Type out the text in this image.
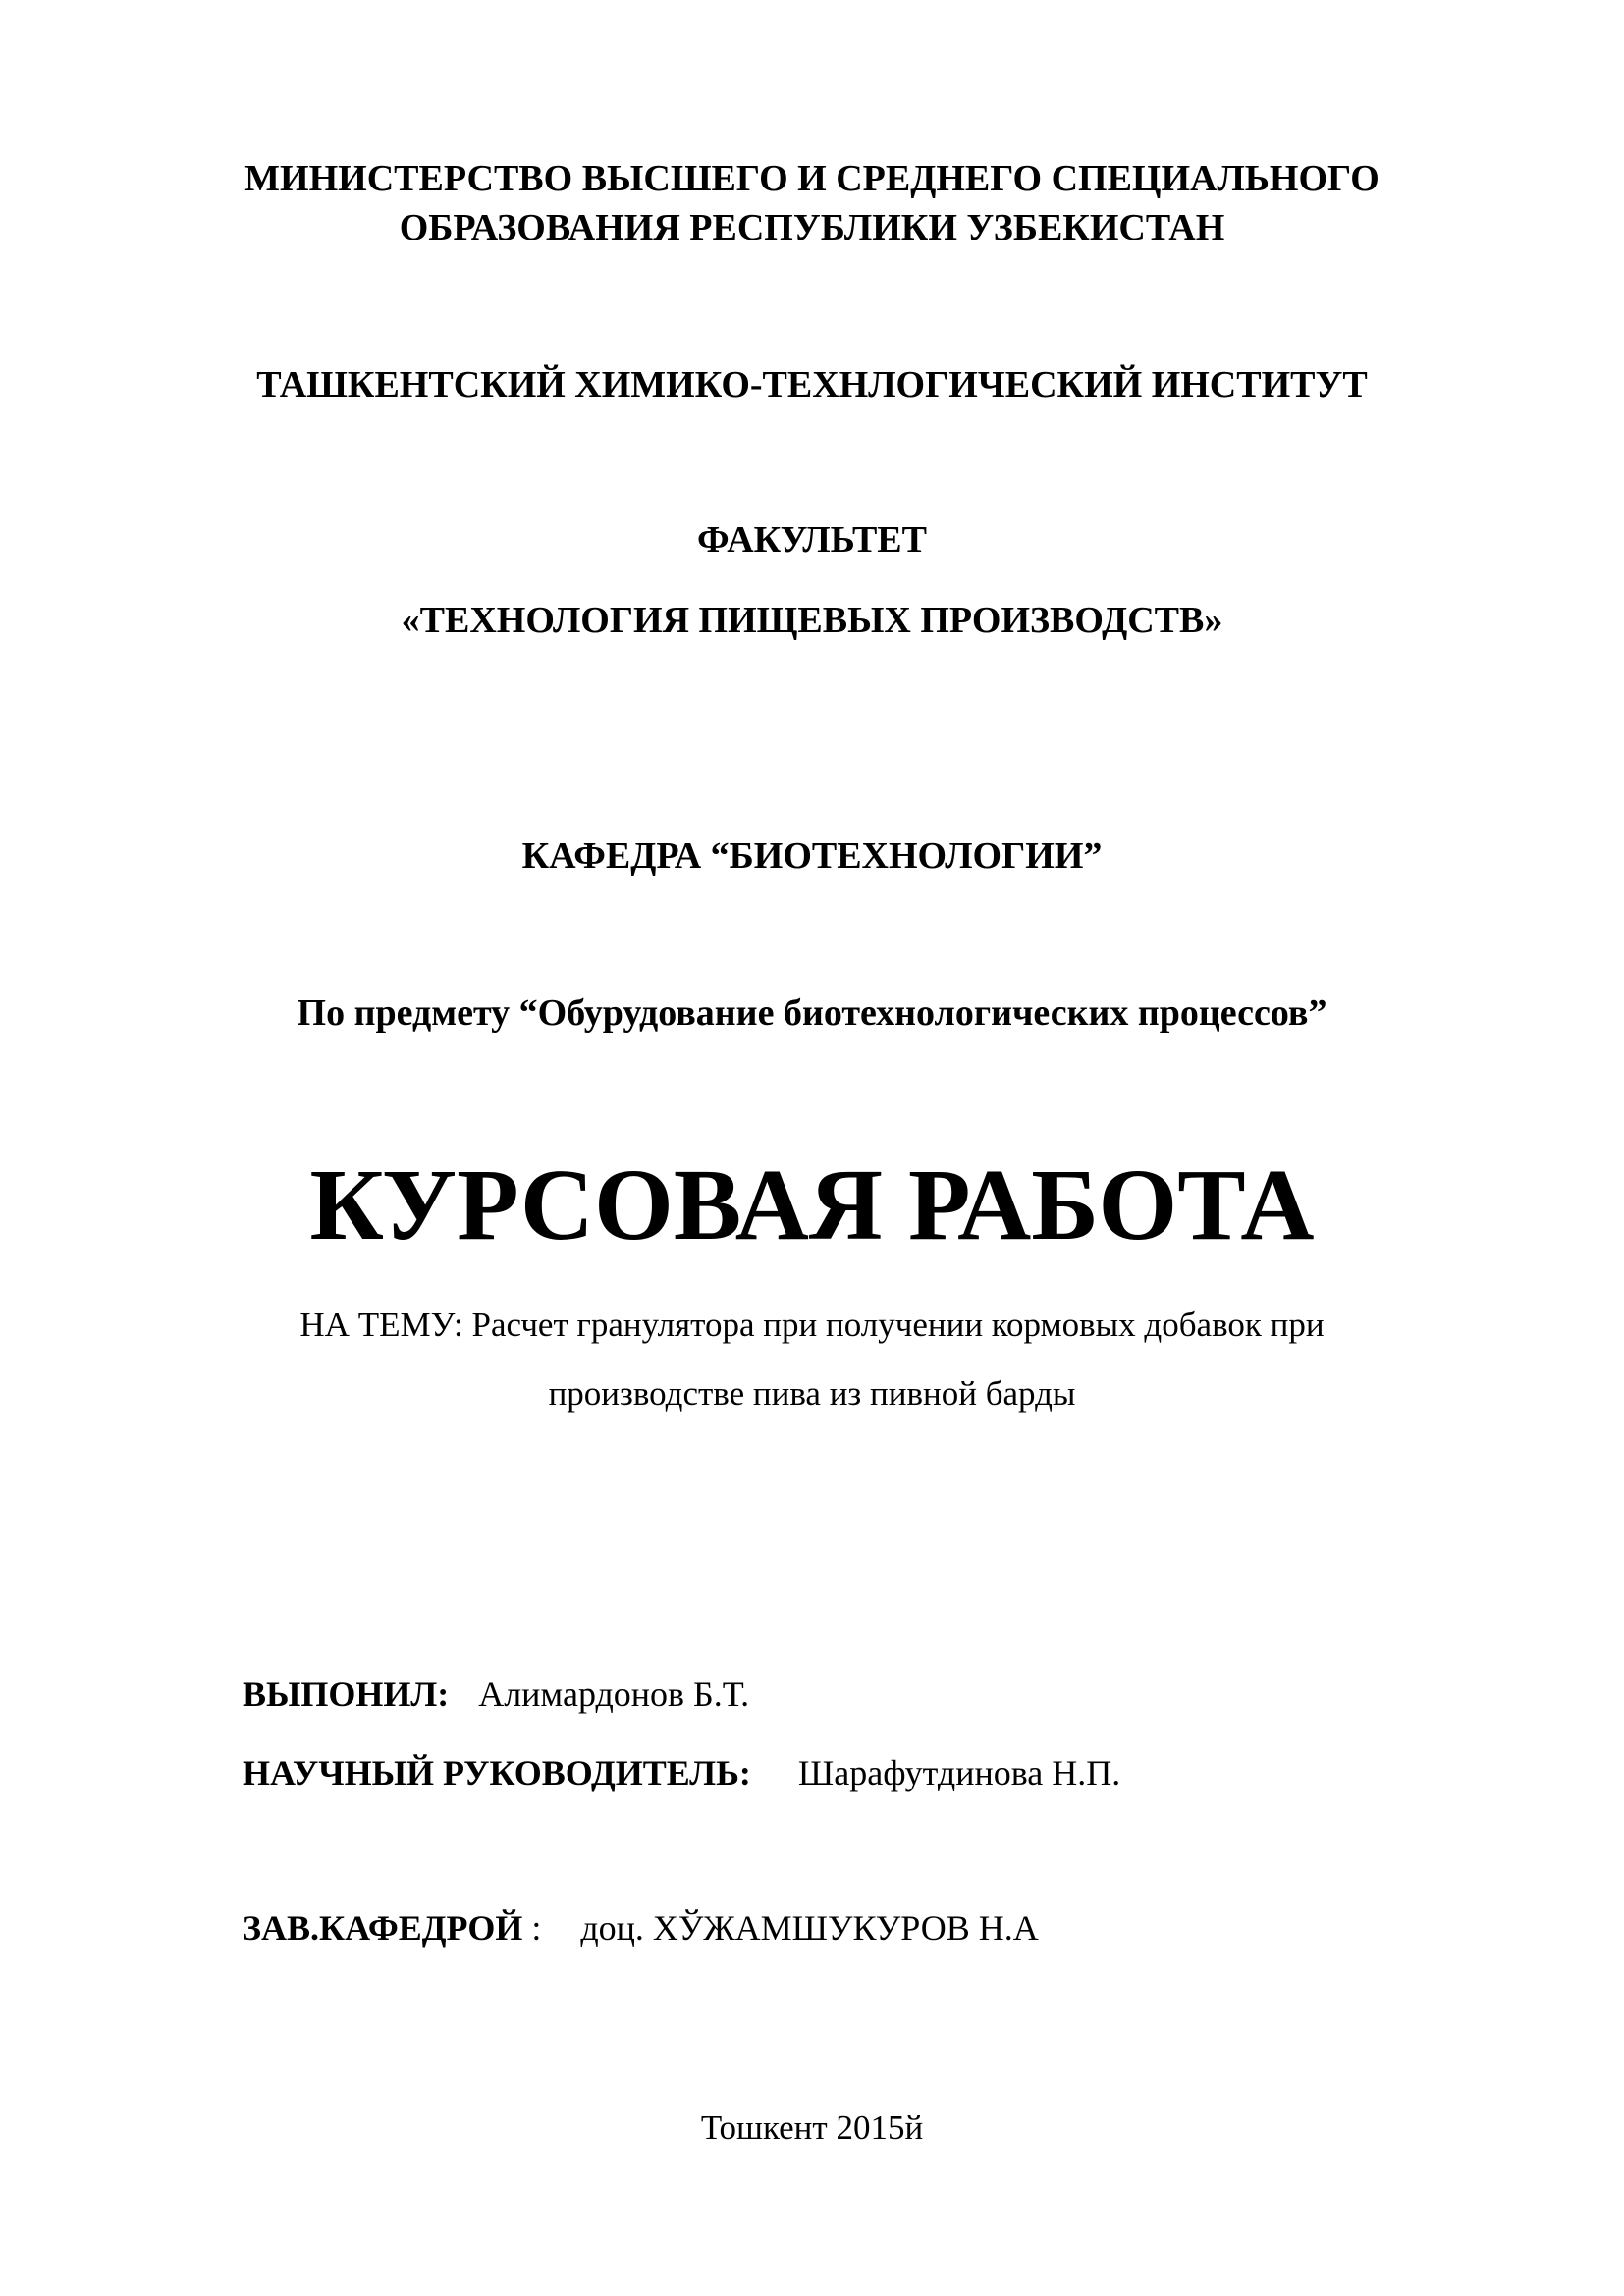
МИНИСТЕРСТВО ВЫСШЕГО И СРЕДНЕГО СПЕЦИАЛЬНОГО
ОБРАЗОВАНИЯ РЕСПУБЛИКИ УЗБЕКИСТАН
ТАШКЕНТСКИЙ ХИМИКО-ТЕХНЛОГИЧЕСКИЙ ИНСТИТУТ
ФАКУЛЬТЕТ
«ТЕХНОЛОГИЯ ПИЩЕВЫХ ПРОИЗВОДСТВ»
КАФЕДРА “БИОТЕХНОЛОГИИ”
По предмету “Обурудование биотехнологических процессов”
КУРСОВАЯ РАБОТА
НА ТЕМУ: Расчет гранулятора при получении кормовых добавок при
производстве пива из пивной барды
ВЫПОНИЛ: Алимардонов Б.Т.
НАУЧНЫЙ РУКОВОДИТЕЛЬ: Шарафутдинова Н.П.
ЗАВ.КАФЕДРОЙ : доц. ХЎЖАМШУКУРОВ Н.А
Тошкент 2015й
